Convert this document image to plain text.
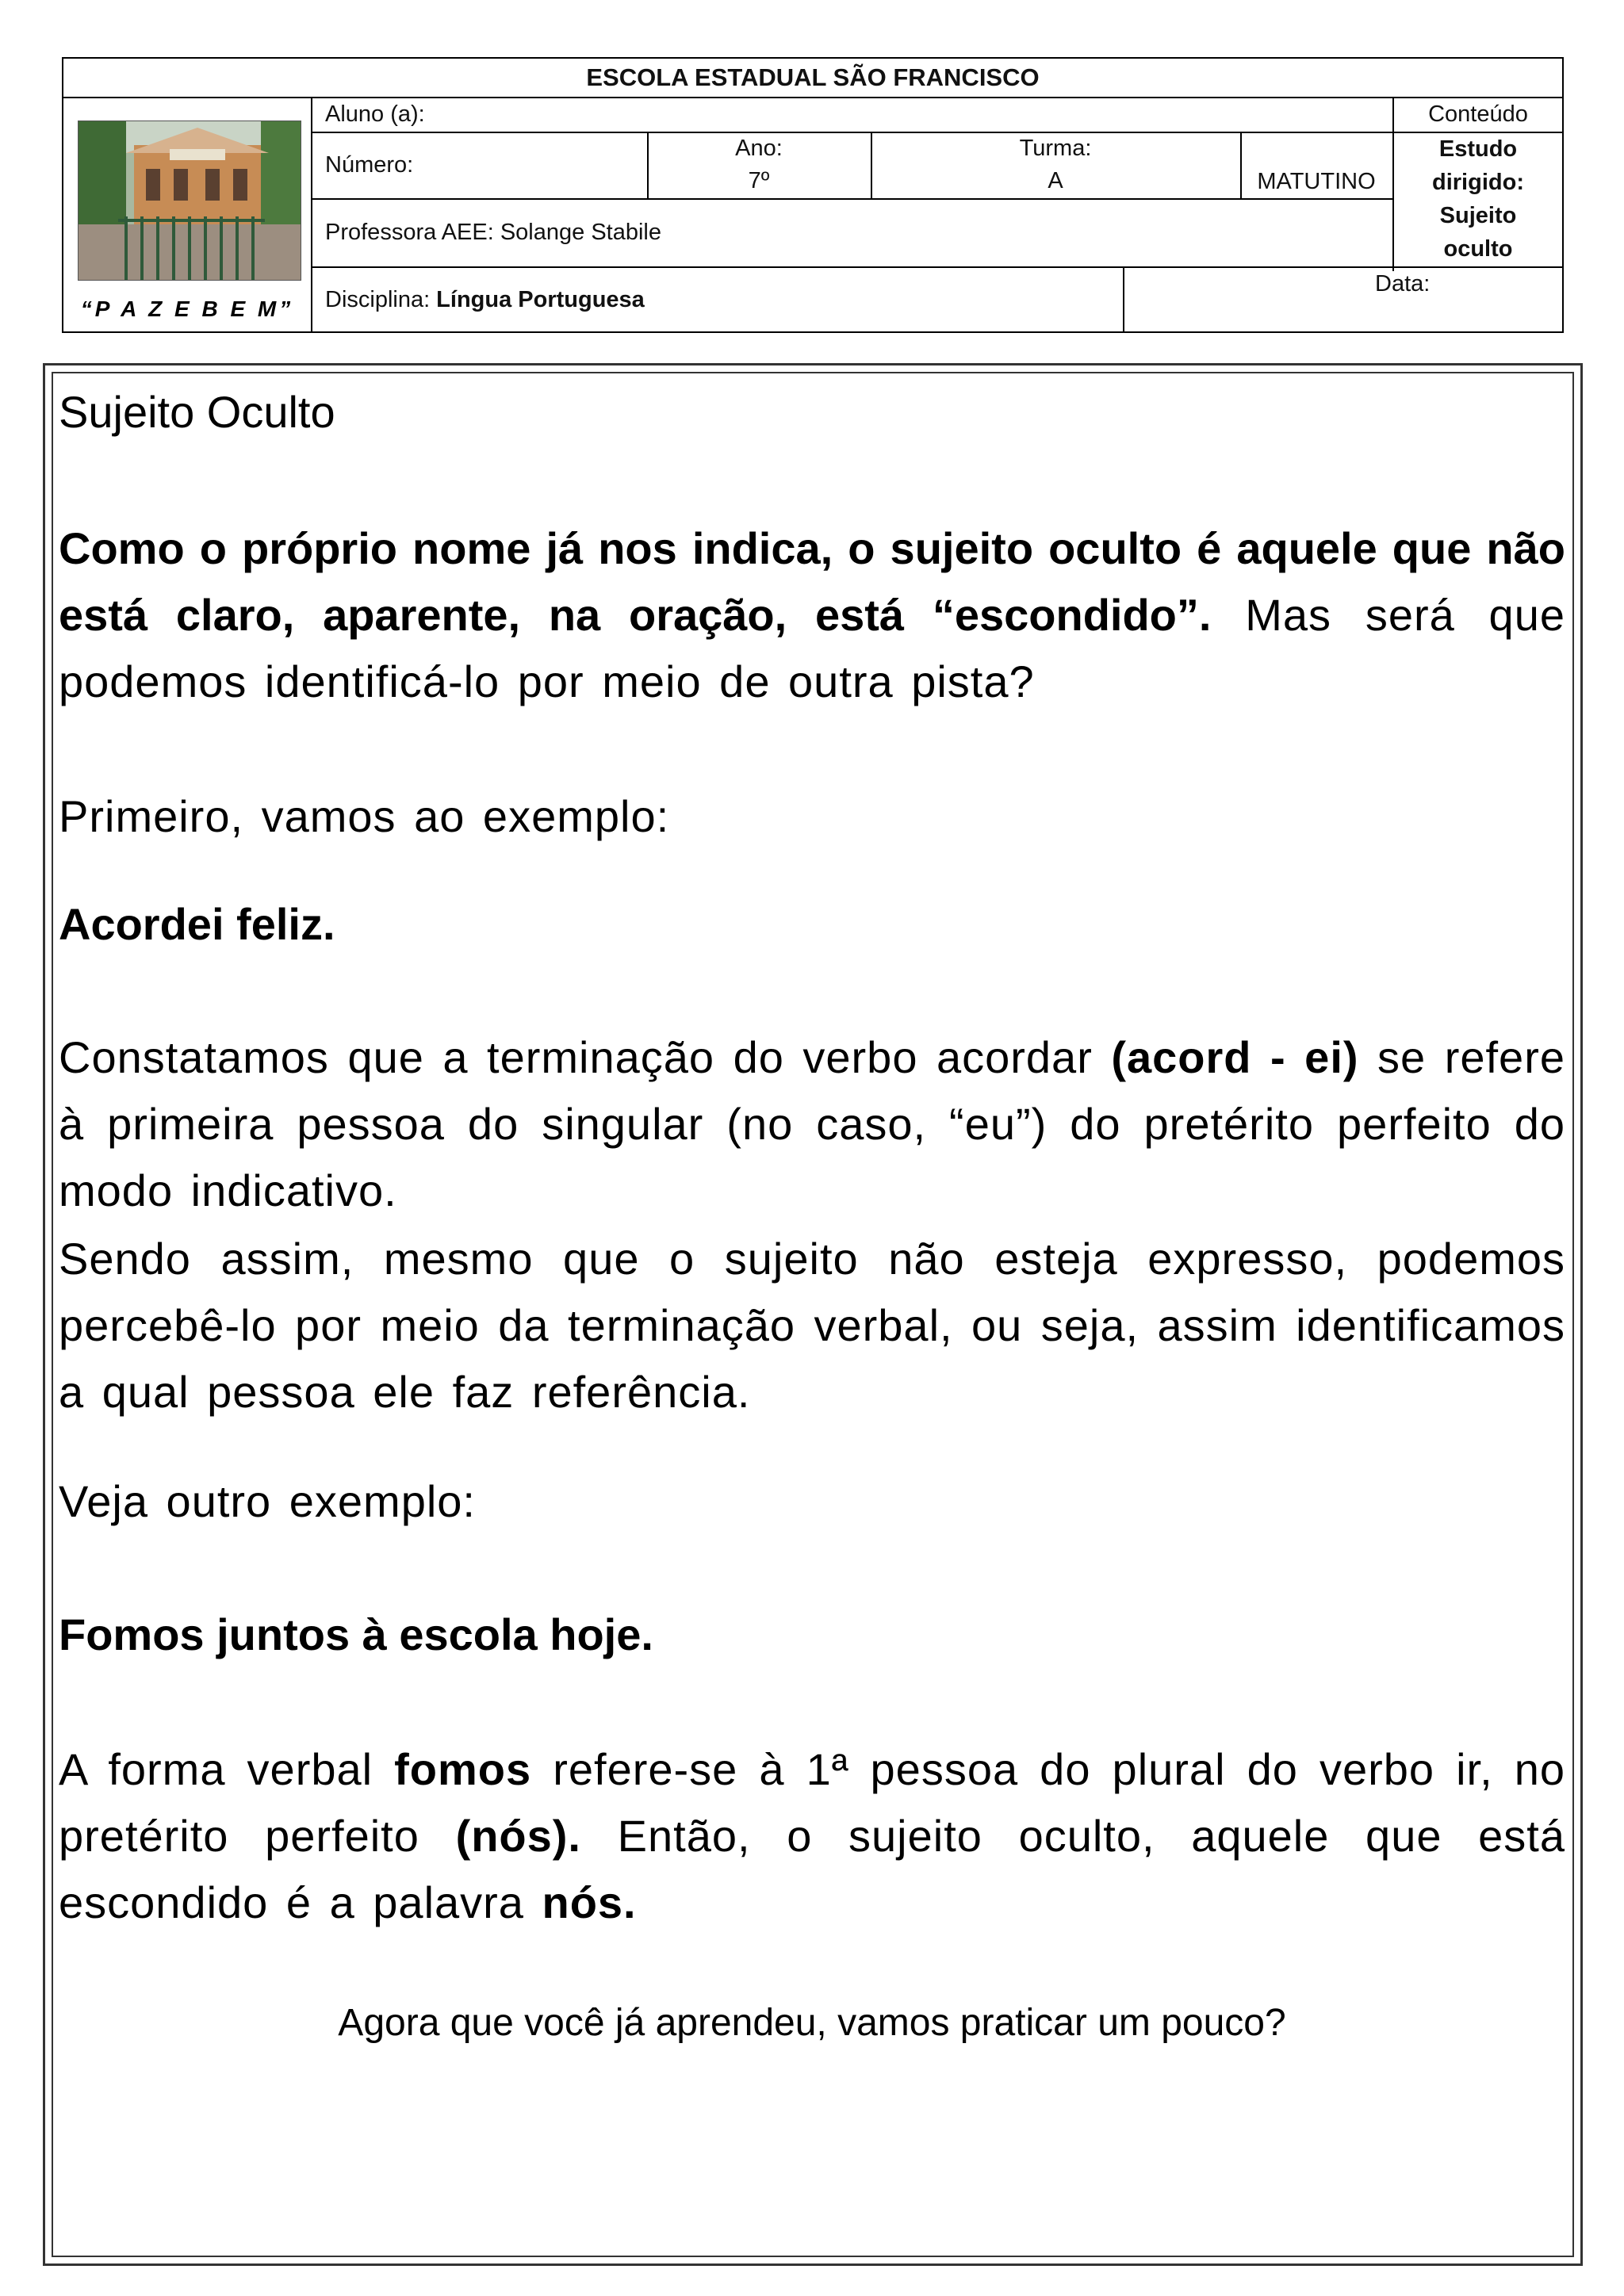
ESCOLA ESTADUAL SÃO FRANCISCO
“P A Z E B E M”
Aluno (a):	Conteúdo
Número:
Ano:
7º
Turma:
A	MATUTINO
Estudo
dirigido:
Sujeito
oculto
Professora AEE: Solange Stabile
Disciplina: Língua Portuguesa
Data:
Sujeito Oculto
Como o próprio nome já nos indica, o sujeito oculto é aquele que não está claro, aparente, na oração, está “escondido”. Mas será que podemos identificá-lo por meio de outra pista?
Primeiro, vamos ao exemplo:
Acordei feliz.
Constatamos que a terminação do verbo acordar (acord - ei) se refere à primeira pessoa do singular (no caso, “eu”) do pretérito perfeito do modo indicativo.
Sendo assim, mesmo que o sujeito não esteja expresso, podemos percebê-lo por meio da terminação verbal, ou seja, assim identificamos a qual pessoa ele faz referência.
Veja outro exemplo:
Fomos juntos à escola hoje.
A forma verbal fomos refere-se à 1ª pessoa do plural do verbo ir, no pretérito perfeito (nós). Então, o sujeito oculto, aquele que está escondido é a palavra nós.
Agora que você já aprendeu, vamos praticar um pouco?
